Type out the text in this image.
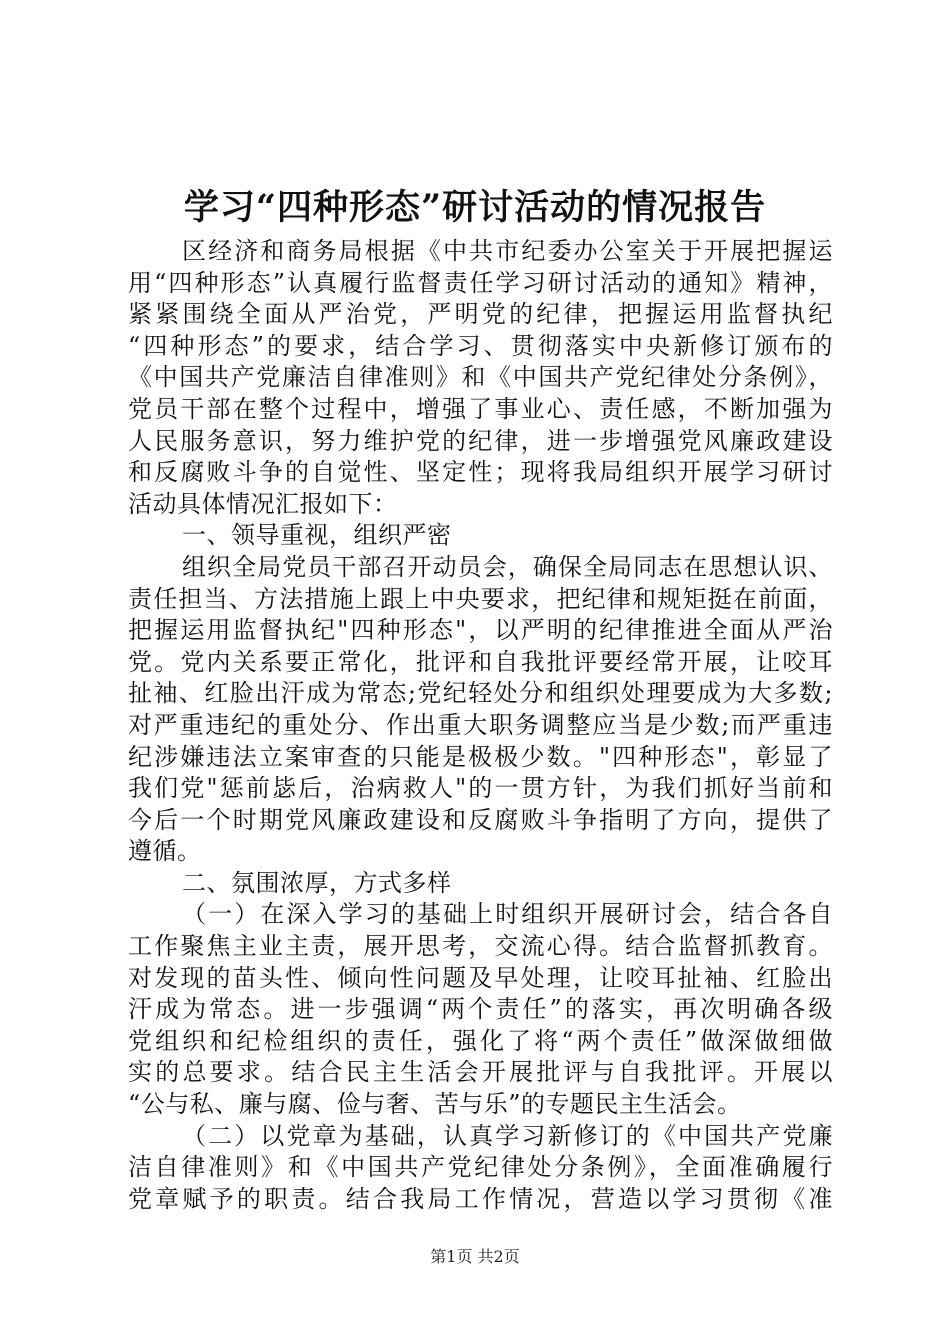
学习“四种形态”研讨活动的情况报告
区经济和商务局根据《中共市纪委办公室关于开展把握运
用“四种形态”认真履行监督责任学习研讨活动的通知》精神，
紧紧围绕全面从严治党，严明党的纪律，把握运用监督执纪
“四种形态”的要求，结合学习、贯彻落实中央新修订颁布的
《中国共产党廉洁自律准则》和《中国共产党纪律处分条例》，
党员干部在整个过程中，增强了事业心、责任感，不断加强为
人民服务意识，努力维护党的纪律，进一步增强党风廉政建设
和反腐败斗争的自觉性、坚定性；现将我局组织开展学习研讨
活动具体情况汇报如下：
一、领导重视，组织严密
组织全局党员干部召开动员会，确保全局同志在思想认识、
责任担当、方法措施上跟上中央要求，把纪律和规矩挺在前面，
把握运用监督执纪"四种形态"，以严明的纪律推进全面从严治
党。党内关系要正常化，批评和自我批评要经常开展，让咬耳
扯袖、红脸出汗成为常态;党纪轻处分和组织处理要成为大多数;
对严重违纪的重处分、作出重大职务调整应当是少数;而严重违
纪涉嫌违法立案审查的只能是极极少数。"四种形态"，彰显了
我们党"惩前毖后，治病救人"的一贯方针，为我们抓好当前和
今后一个时期党风廉政建设和反腐败斗争指明了方向，提供了
遵循。
二、氛围浓厚，方式多样
（一）在深入学习的基础上时组织开展研讨会，结合各自
工作聚焦主业主责，展开思考，交流心得。结合监督抓教育。
对发现的苗头性、倾向性问题及早处理，让咬耳扯袖、红脸出
汗成为常态。进一步强调“两个责任”的落实，再次明确各级
党组织和纪检组织的责任，强化了将“两个责任”做深做细做
实的总要求。结合民主生活会开展批评与自我批评。开展以
“公与私、廉与腐、俭与奢、苦与乐”的专题民主生活会。
（二）以党章为基础，认真学习新修订的《中国共产党廉
洁自律准则》和《中国共产党纪律处分条例》，全面准确履行
党章赋予的职责。结合我局工作情况，营造以学习贯彻《准
第1页 共2页
